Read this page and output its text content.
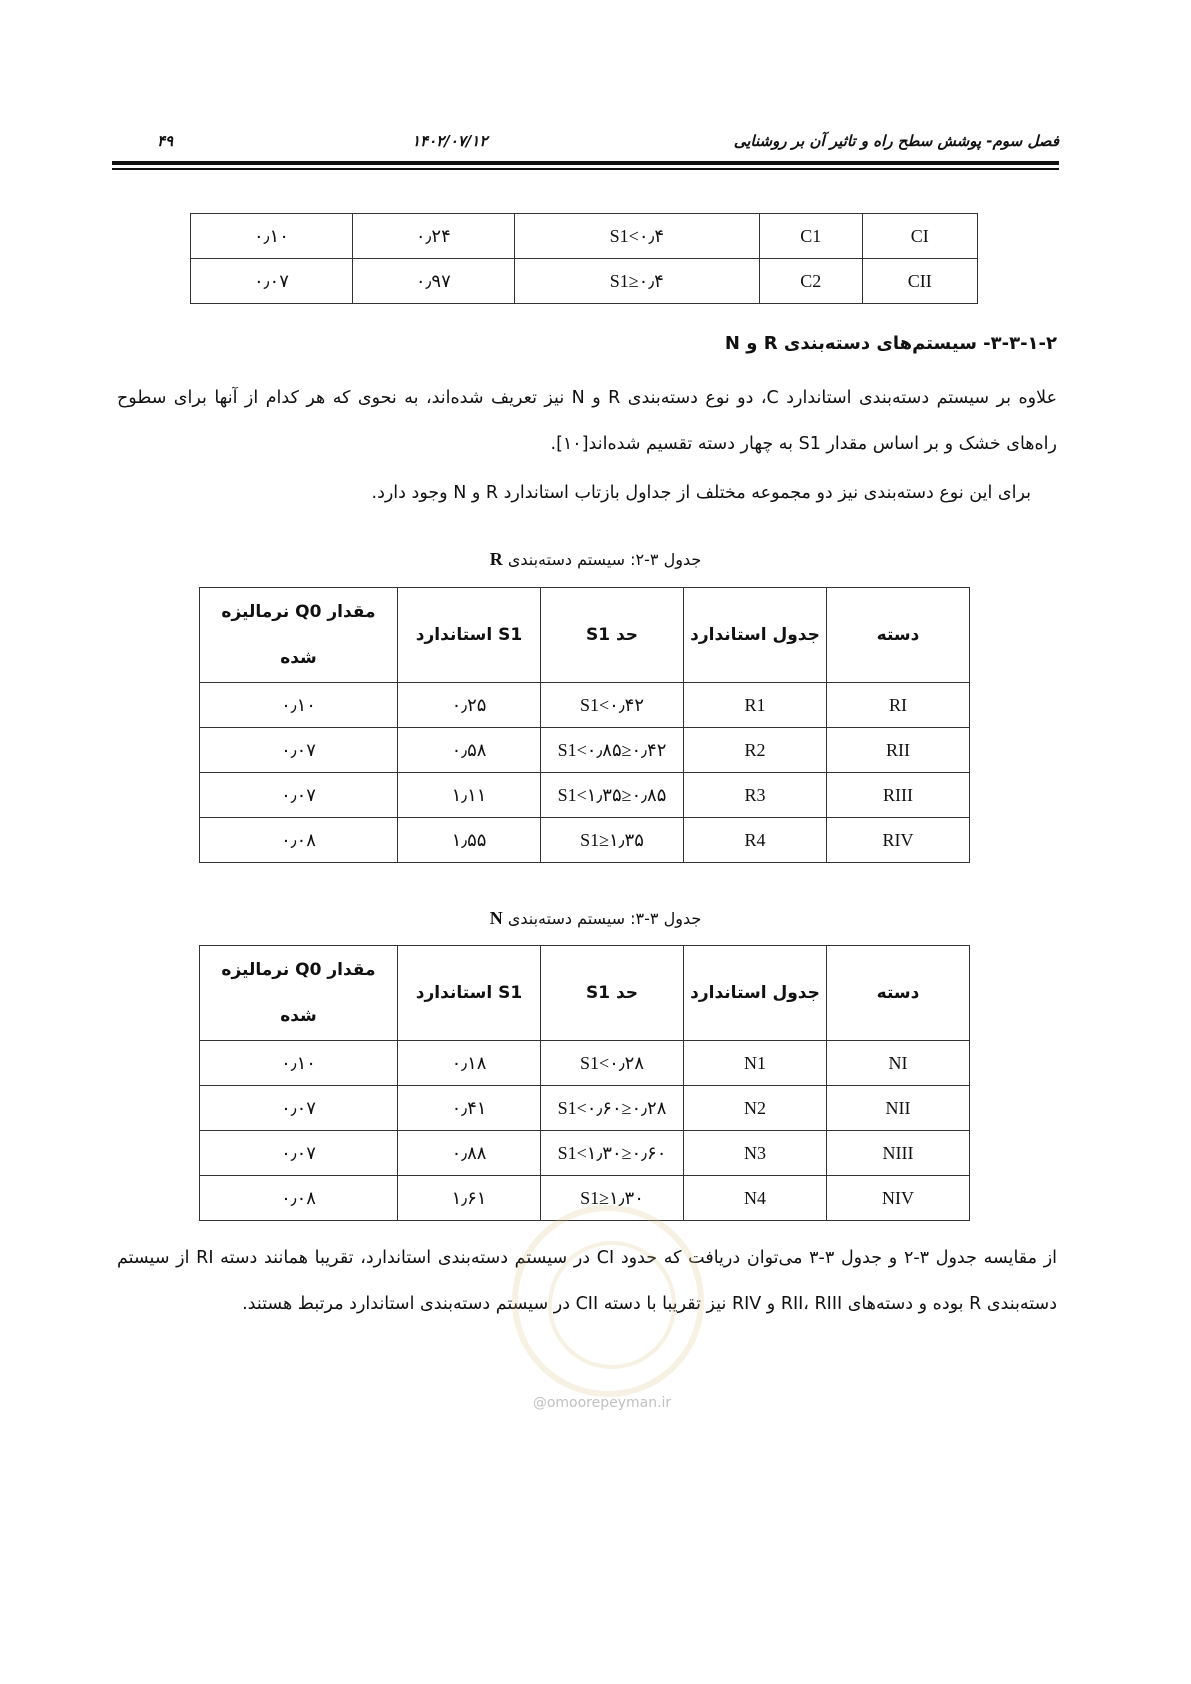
فصل سوم- پوشش سطح راه و تاثیر آن بر روشنایی
۱۴۰۲/۰۷/۱۲
۴۹
CI	C1	S1<۰٫۴	۰٫۲۴	۰٫۱۰
CII	C2	S1≥۰٫۴	۰٫۹۷	۰٫۰۷
۳-۳-۱-۲- سیستم‌های دسته‌بندی R و N
علاوه بر سیستم دسته‌بندی استاندارد C، دو نوع دسته‌بندی R و N نیز تعریف شده‌اند، به نحوی که هر کدام از آنها برای سطوح راه‌های خشک و بر اساس مقدار S1 به چهار دسته تقسیم شده‌اند[۱۰].
برای این نوع دسته‌بندی نیز دو مجموعه مختلف از جداول بازتاب استاندارد R و N وجود دارد.
جدول ۳-۲: سیستم دسته‌بندی R
دسته	جدول استاندارد	حد S1	S1 استاندارد	مقدار Q0 نرمالیزه شده
RI	R1	S1<۰٫۴۲	۰٫۲۵	۰٫۱۰
RII	R2	۰٫۴۲≤S1<۰٫۸۵	۰٫۵۸	۰٫۰۷
RIII	R3	۰٫۸۵≤S1<۱٫۳۵	۱٫۱۱	۰٫۰۷
RIV	R4	۱٫۳۵≤S1	۱٫۵۵	۰٫۰۸
جدول ۳-۳: سیستم دسته‌بندی N
دسته	جدول استاندارد	حد S1	S1 استاندارد	مقدار Q0 نرمالیزه شده
NI	N1	S1<۰٫۲۸	۰٫۱۸	۰٫۱۰
NII	N2	۰٫۲۸≤S1<۰٫۶۰	۰٫۴۱	۰٫۰۷
NIII	N3	۰٫۶۰≤S1<۱٫۳۰	۰٫۸۸	۰٫۰۷
NIV	N4	۱٫۳۰≤S1	۱٫۶۱	۰٫۰۸
از مقایسه جدول ۳-۲ و جدول ۳-۳ می‌توان دریافت که حدود CI در سیستم دسته‌بندی استاندارد، تقریبا همانند دسته RI از سیستم دسته‌بندی R بوده و دسته‌های RII، RIII و RIV نیز تقریبا با دسته CII در سیستم دسته‌بندی استاندارد مرتبط هستند.
@omoorepeyman.ir
